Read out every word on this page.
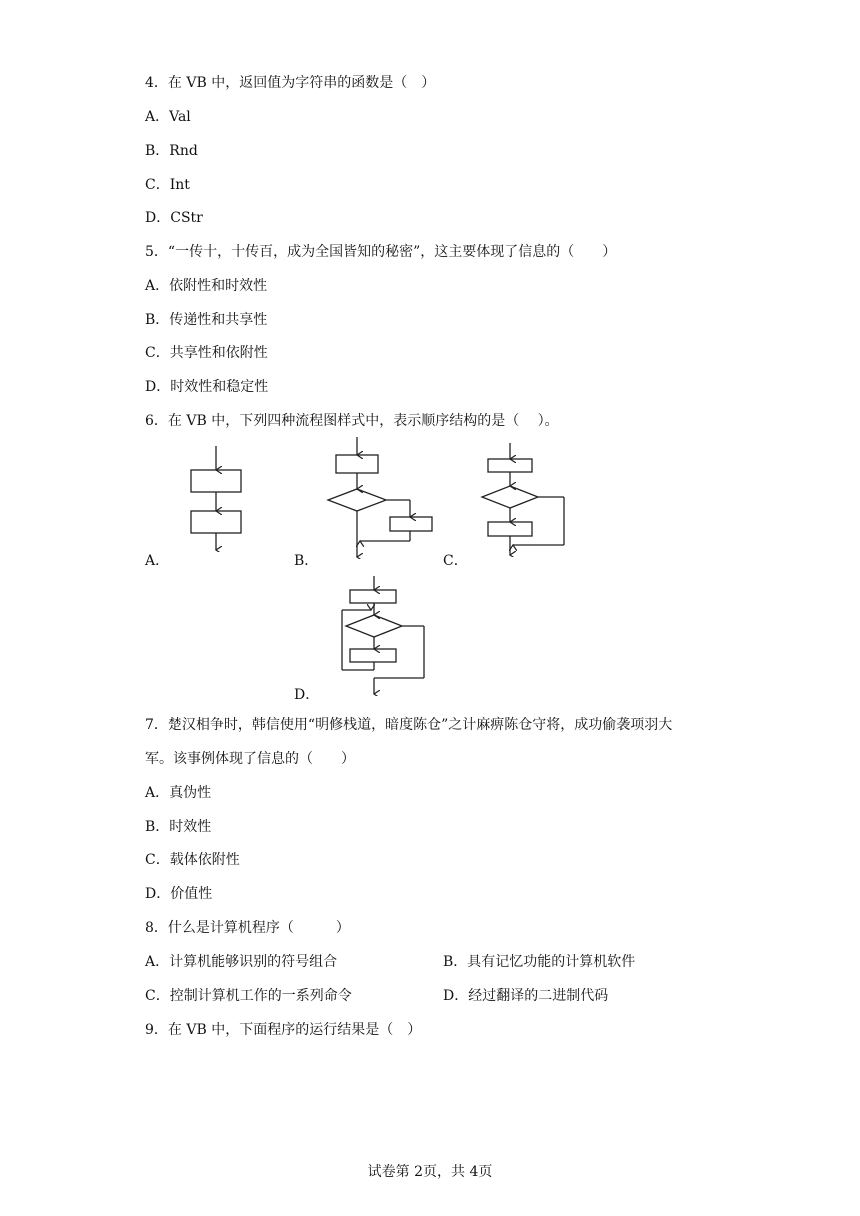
4．在 VB 中，返回值为字符串的函数是（　）
A．Val
B．Rnd
C．Int
D．CStr
5．“一传十，十传百，成为全国皆知的秘密”，这主要体现了信息的（　　）
A．依附性和时效性
B．传递性和共享性
C．共享性和依附性
D．时效性和稳定性
6．在 VB 中，下列四种流程图样式中，表示顺序结构的是（　 ）。
A．	B．	C．
D．
7．楚汉相争时，韩信使用“明修栈道，暗度陈仓”之计麻痹陈仓守将，成功偷袭项羽大
军。该事例体现了信息的（　　）
A．真伪性
B．时效性
C．载体依附性
D．价值性
8．什么是计算机程序（　　　）
A．计算机能够识别的符号组合	B．具有记忆功能的计算机软件
C．控制计算机工作的一系列命令	D．经过翻译的二进制代码
9．在 VB 中，下面程序的运行结果是（　）
试卷第 2页，共 4页
